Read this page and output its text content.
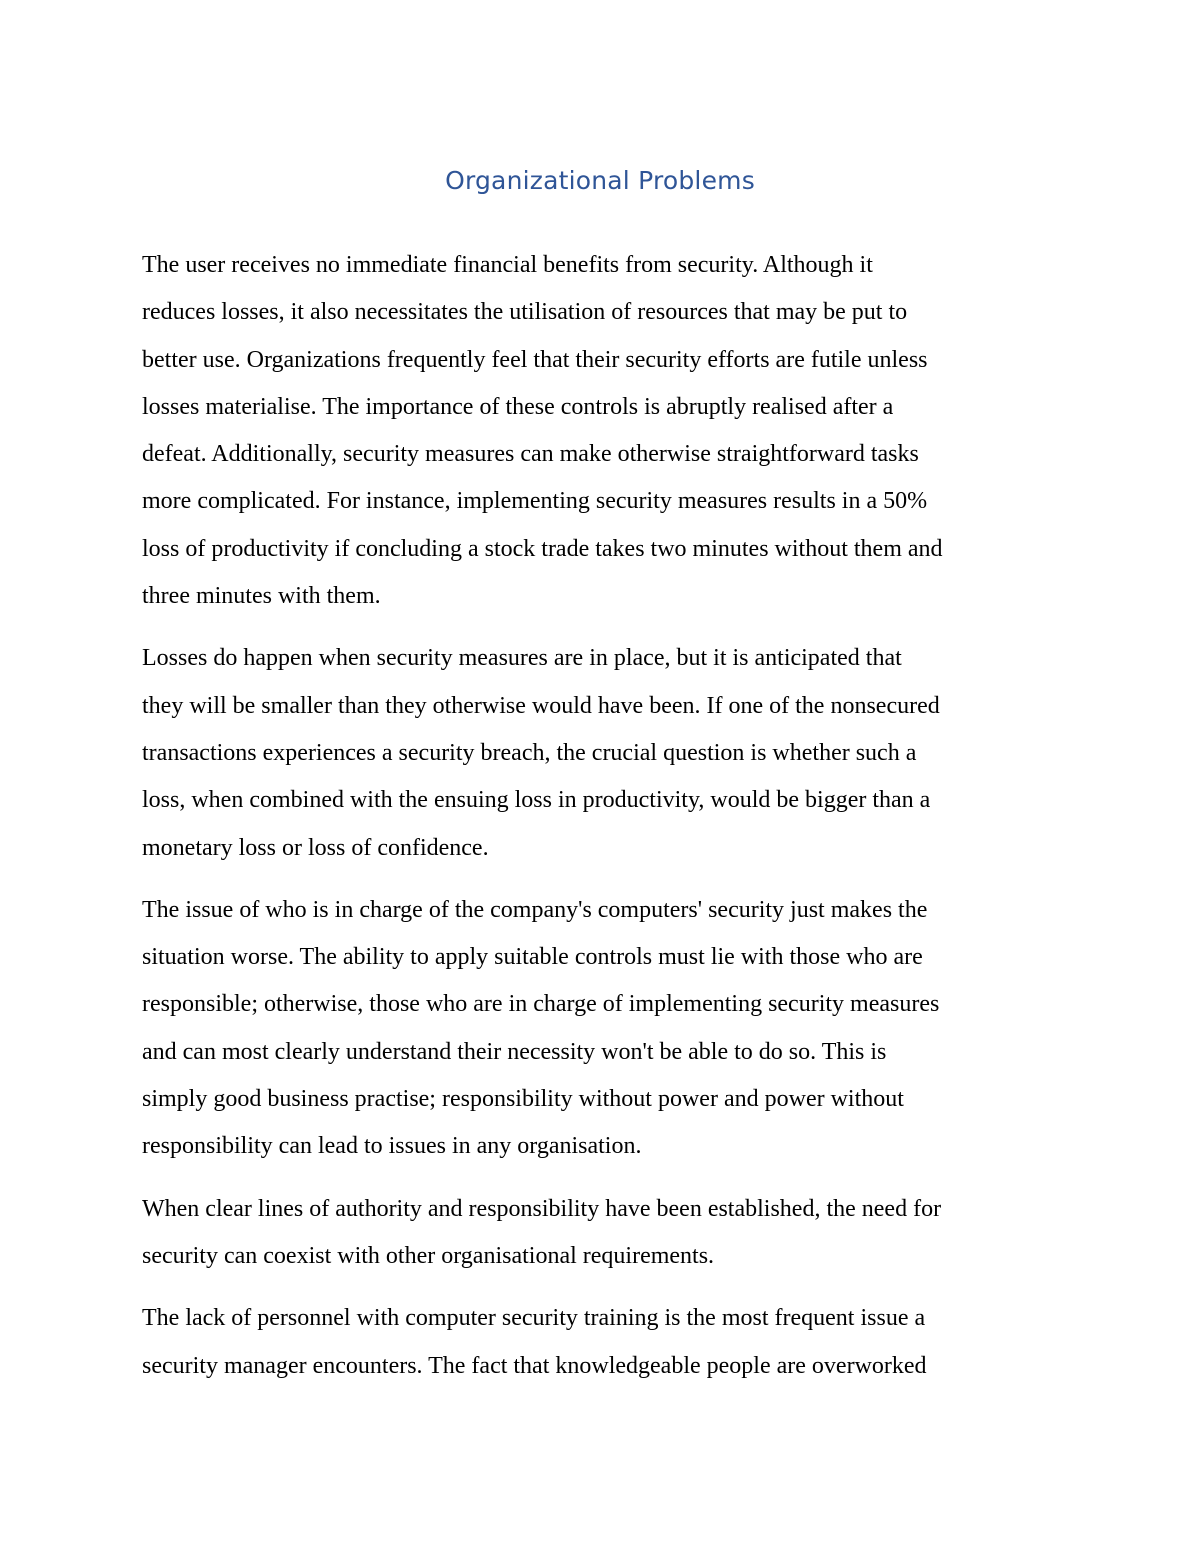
Organizational Problems

The user receives no immediate financial benefits from security. Although it
reduces losses, it also necessitates the utilisation of resources that may be put to
better use. Organizations frequently feel that their security efforts are futile unless
losses materialise. The importance of these controls is abruptly realised after a
defeat. Additionally, security measures can make otherwise straightforward tasks
more complicated. For instance, implementing security measures results in a 50%
loss of productivity if concluding a stock trade takes two minutes without them and
three minutes with them.

Losses do happen when security measures are in place, but it is anticipated that
they will be smaller than they otherwise would have been. If one of the nonsecured
transactions experiences a security breach, the crucial question is whether such a
loss, when combined with the ensuing loss in productivity, would be bigger than a
monetary loss or loss of confidence.

The issue of who is in charge of the company's computers' security just makes the
situation worse. The ability to apply suitable controls must lie with those who are
responsible; otherwise, those who are in charge of implementing security measures
and can most clearly understand their necessity won't be able to do so. This is
simply good business practise; responsibility without power and power without
responsibility can lead to issues in any organisation.

When clear lines of authority and responsibility have been established, the need for
security can coexist with other organisational requirements.

The lack of personnel with computer security training is the most frequent issue a
security manager encounters. The fact that knowledgeable people are overworked
